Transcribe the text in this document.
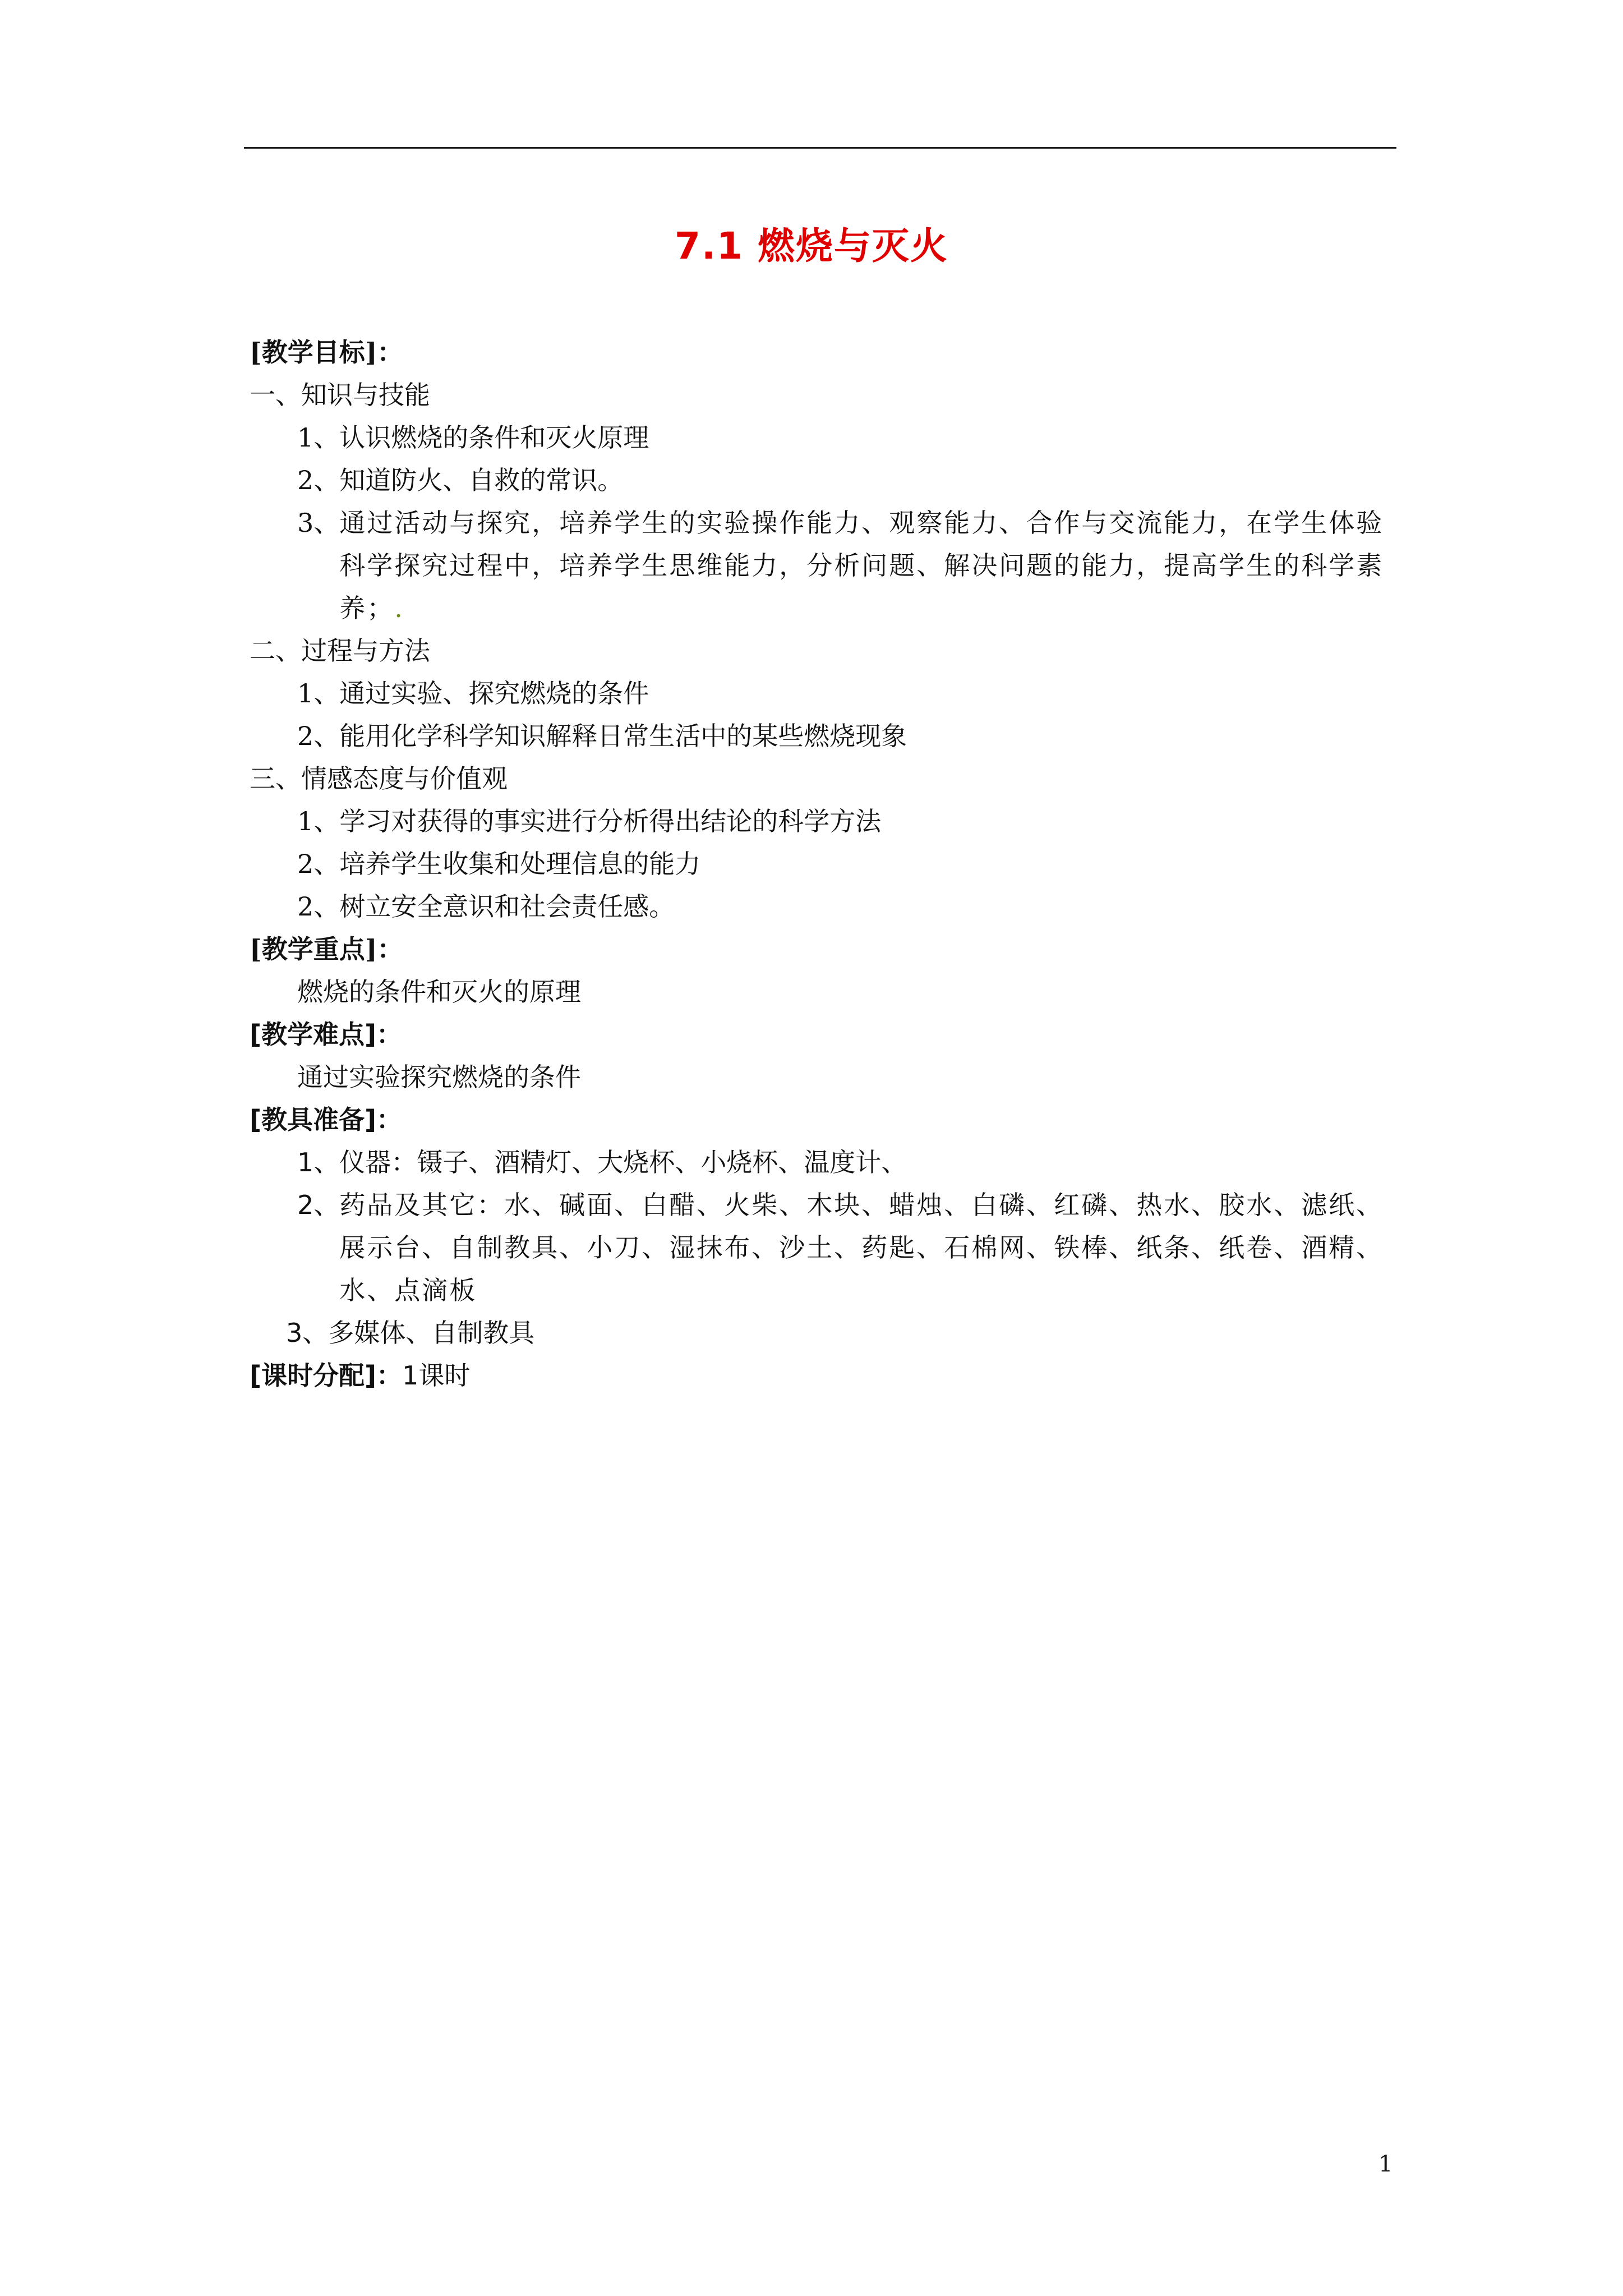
7.1 燃烧与灭火
[教学目标]：
一、知识与技能
1、认识燃烧的条件和灭火原理
2、知道防火、自救的常识。
3、 通过活动与探究，培养学生的实验操作能力、观察能力、合作与交流能力，在学生体验科学探究过程中，培养学生思维能力，分析问题、解决问题的能力，提高学生的科学素养；.
二、过程与方法
1、通过实验、探究燃烧的条件
2、能用化学科学知识解释日常生活中的某些燃烧现象
三、情感态度与价值观
1、学习对获得的事实进行分析得出结论的科学方法
2、培养学生收集和处理信息的能力
2、树立安全意识和社会责任感。
[教学重点]：
燃烧的条件和灭火的原理
[教学难点]：
通过实验探究燃烧的条件
[教具准备]：
1、仪器：镊子、酒精灯、大烧杯、小烧杯、温度计、
2、 药品及其它：水、碱面、白醋、火柴、木块、蜡烛、白磷、红磷、热水、胶水、滤纸、展示台、自制教具、小刀、湿抹布、沙土、药匙、石棉网、铁棒、纸条、纸卷、酒精、水、点滴板
3、多媒体、自制教具
[课时分配]：1课时
1
